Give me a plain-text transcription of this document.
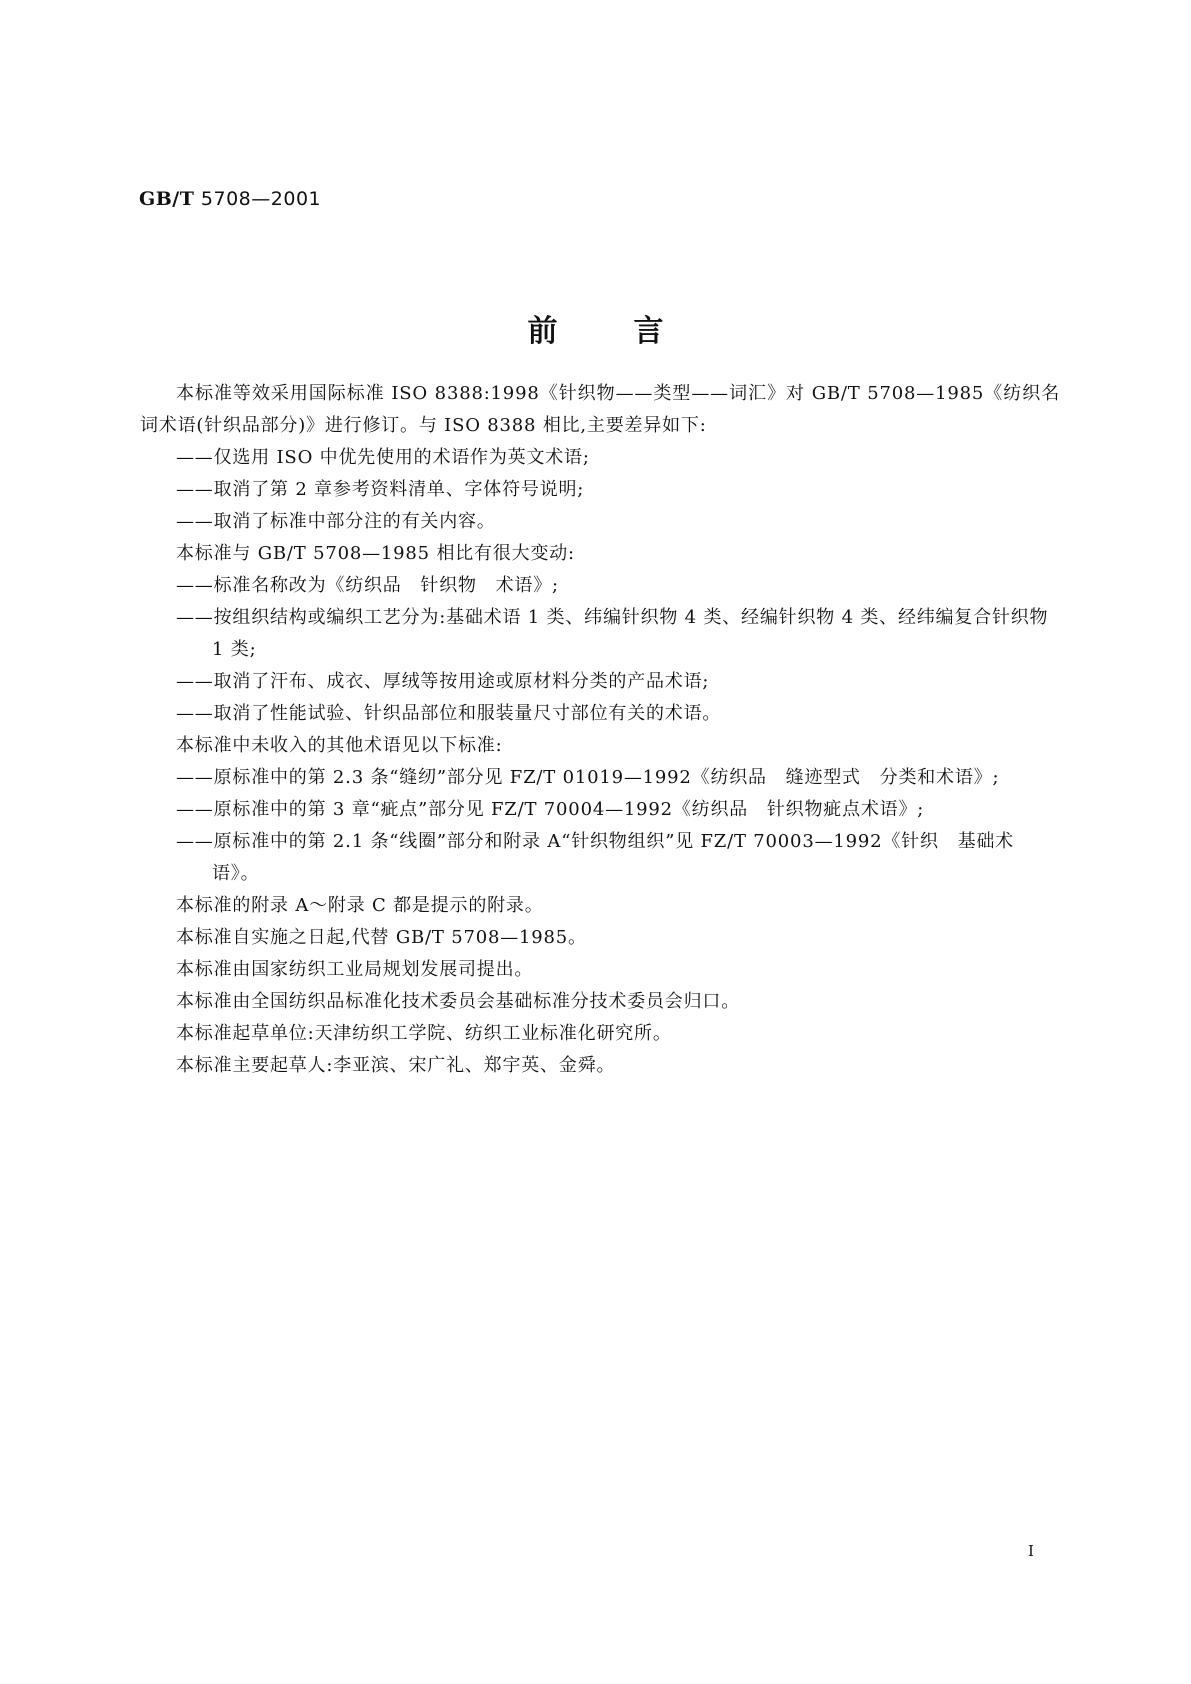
GB/T 5708—2001
前言

本标准等效采用国际标准 ISO 8388:1998《针织物——类型——词汇》对 GB/T 5708—1985《纺织名词术语(针织品部分)》进行修订。与 ISO 8388 相比,主要差异如下:

——仅选用 ISO 中优先使用的术语作为英文术语;

——取消了第 2 章参考资料清单、字体符号说明;

——取消了标准中部分注的有关内容。

本标准与 GB/T 5708—1985 相比有很大变动:

——标准名称改为《纺织品　针织物　术语》;

——按组织结构或编织工艺分为:基础术语 1 类、纬编针织物 4 类、经编针织物 4 类、经纬编复合针织物 1 类;

——取消了汗布、成衣、厚绒等按用途或原材料分类的产品术语;

——取消了性能试验、针织品部位和服装量尺寸部位有关的术语。

本标准中未收入的其他术语见以下标准:

——原标准中的第 2.3 条“缝纫”部分见 FZ/T 01019—1992《纺织品　缝迹型式　分类和术语》;

——原标准中的第 3 章“疵点”部分见 FZ/T 70004—1992《纺织品　针织物疵点术语》;

——原标准中的第 2.1 条“线圈”部分和附录 A“针织物组织”见 FZ/T 70003—1992《针织　基础术语》。

本标准的附录 A～附录 C 都是提示的附录。

本标准自实施之日起,代替 GB/T 5708—1985。

本标准由国家纺织工业局规划发展司提出。

本标准由全国纺织品标准化技术委员会基础标准分技术委员会归口。

本标准起草单位:天津纺织工学院、纺织工业标准化研究所。

本标准主要起草人:李亚滨、宋广礼、郑宇英、金舜。

I
